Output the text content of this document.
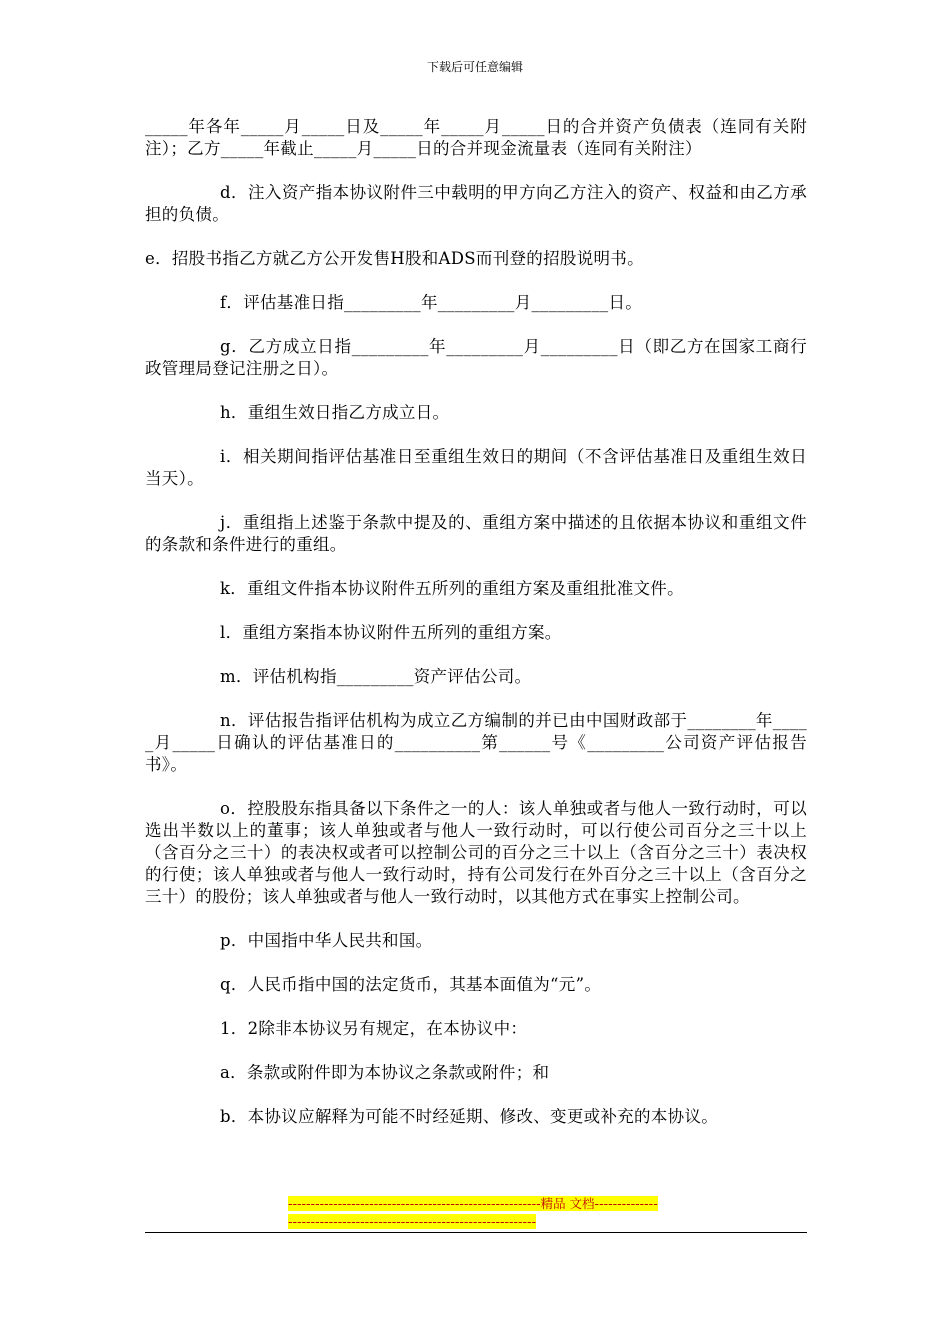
下载后可任意编辑

_____年各年_____月_____日及_____年_____月_____日的合并资产负债表（连同有关附注）；乙方_____年截止_____月_____日的合并现金流量表（连同有关附注）

d．注入资产指本协议附件三中载明的甲方向乙方注入的资产、权益和由乙方承担的负债。

e．招股书指乙方就乙方公开发售H股和ADS而刊登的招股说明书。

f．评估基准日指_________年_________月_________日。

g．乙方成立日指_________年_________月_________日（即乙方在国家工商行政管理局登记注册之日）。

h．重组生效日指乙方成立日。

i．相关期间指评估基准日至重组生效日的期间（不含评估基准日及重组生效日当天）。

j．重组指上述鉴于条款中提及的、重组方案中描述的且依据本协议和重组文件的条款和条件进行的重组。

k．重组文件指本协议附件五所列的重组方案及重组批准文件。

l．重组方案指本协议附件五所列的重组方案。

m．评估机构指_________资产评估公司。

n．评估报告指评估机构为成立乙方编制的并已由中国财政部于________年_____月_____日确认的评估基准日的__________第______号《_________公司资产评估报告书》。

o．控股股东指具备以下条件之一的人：该人单独或者与他人一致行动时，可以选出半数以上的董事；该人单独或者与他人一致行动时，可以行使公司百分之三十以上（含百分之三十）的表决权或者可以控制公司的百分之三十以上（含百分之三十）表决权的行使；该人单独或者与他人一致行动时，持有公司发行在外百分之三十以上（含百分之三十）的股份；该人单独或者与他人一致行动时，以其他方式在事实上控制公司。

p．中国指中华人民共和国。

q．人民币指中国的法定货币，其基本面值为“元”。

1．2除非本协议另有规定，在本协议中：

a．条款或附件即为本协议之条款或附件；和

b．本协议应解释为可能不时经延期、修改、变更或补充的本协议。

--------------------------------------------------------精品 文档---------------------------------------------------------------------
